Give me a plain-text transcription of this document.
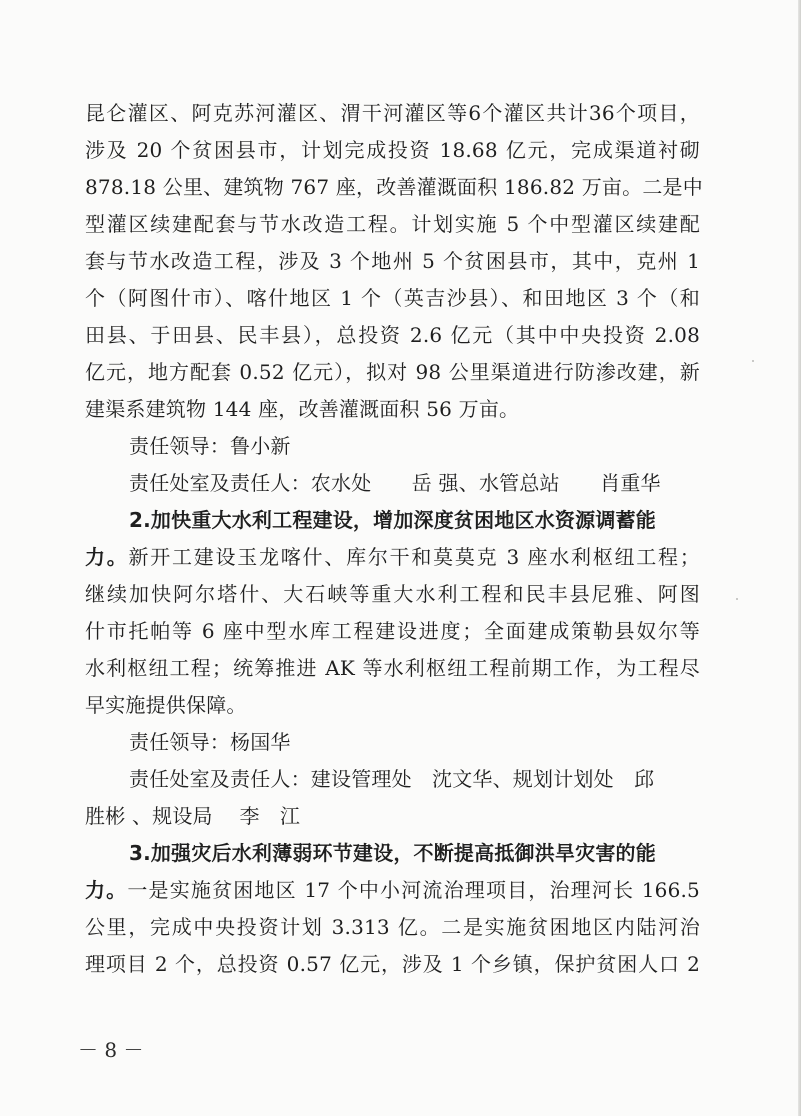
昆仑灌区、阿克苏河灌区、渭干河灌区等6个灌区共计36个项目，
涉及 20 个贫困县市，计划完成投资 18.68 亿元，完成渠道衬砌
878.18 公里、建筑物 767 座，改善灌溉面积 186.82 万亩。二是中
型灌区续建配套与节水改造工程。计划实施 5 个中型灌区续建配
套与节水改造工程，涉及 3 个地州 5 个贫困县市，其中，克州 1
个（阿图什市）、喀什地区 1 个（英吉沙县）、和田地区 3 个（和
田县、于田县、民丰县），总投资 2.6 亿元（其中中央投资 2.08
亿元，地方配套 0.52 亿元），拟对 98 公里渠道进行防渗改建，新
建渠系建筑物 144 座，改善灌溉面积 56 万亩。
责任领导：鲁小新
责任处室及责任人：农水处　　岳 强、水管总站　　肖重华
2.加快重大水利工程建设，增加深度贫困地区水资源调蓄能
力。新开工建设玉龙喀什、库尔干和莫莫克 3 座水利枢纽工程；
继续加快阿尔塔什、大石峡等重大水利工程和民丰县尼雅、阿图
什市托帕等 6 座中型水库工程建设进度；全面建成策勒县奴尔等
水利枢纽工程；统筹推进 AK 等水利枢纽工程前期工作，为工程尽
早实施提供保障。
责任领导：杨国华
责任处室及责任人：建设管理处　沈文华、规划计划处　邱
胜彬 、规设局　 李　江
3.加强灾后水利薄弱环节建设，不断提高抵御洪旱灾害的能
力。一是实施贫困地区 17 个中小河流治理项目，治理河长 166.5
公里，完成中央投资计划 3.313 亿。二是实施贫困地区内陆河治
理项目 2 个，总投资 0.57 亿元，涉及 1 个乡镇，保护贫困人口 2
－ 8 －
